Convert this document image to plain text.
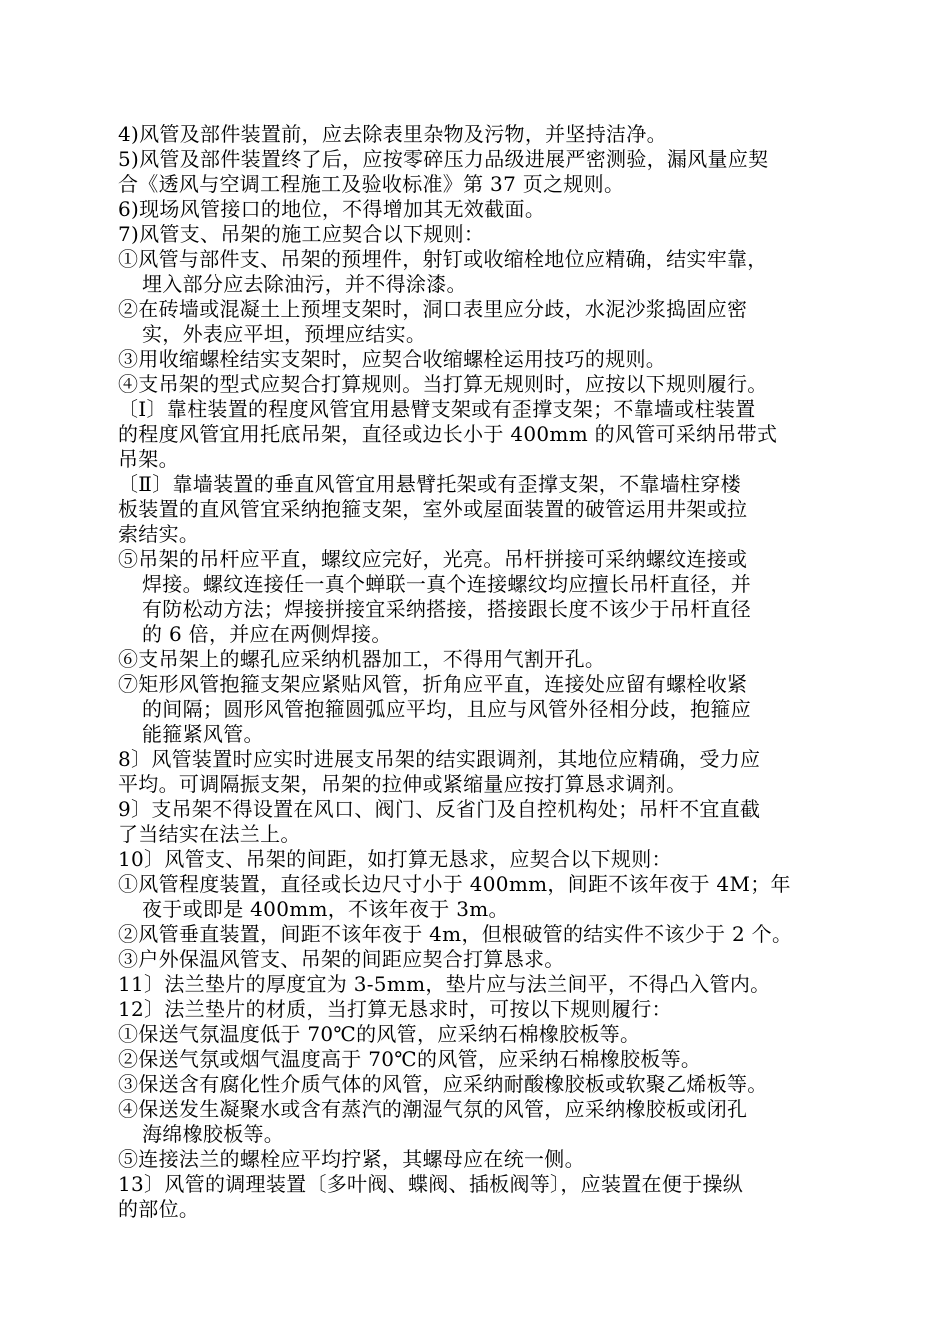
4)风管及部件装置前，应去除表里杂物及污物，并坚持洁净。
5)风管及部件装置终了后，应按零碎压力品级进展严密测验，漏风量应契
合《透风与空调工程施工及验收标准》第 37 页之规则。
6)现场风管接口的地位，不得增加其无效截面。
7)风管支、吊架的施工应契合以下规则：
①风管与部件支、吊架的预埋件，射钉或收缩栓地位应精确，结实牢靠，
埋入部分应去除油污，并不得涂漆。
②在砖墙或混凝土上预埋支架时，洞口表里应分歧，水泥沙浆捣固应密
实，外表应平坦，预埋应结实。
③用收缩螺栓结实支架时，应契合收缩螺栓运用技巧的规则。
④支吊架的型式应契合打算规则。当打算无规则时，应按以下规则履行。
〔Ⅰ〕靠柱装置的程度风管宜用悬臂支架或有歪撑支架；不靠墙或柱装置
的程度风管宜用托底吊架，直径或边长小于 400mm 的风管可采纳吊带式
吊架。
〔Ⅱ〕靠墙装置的垂直风管宜用悬臂托架或有歪撑支架，不靠墙柱穿楼
板装置的直风管宜采纳抱箍支架，室外或屋面装置的破管运用井架或拉
索结实。
⑤吊架的吊杆应平直，螺纹应完好，光亮。吊杆拼接可采纳螺纹连接或
焊接。螺纹连接任一真个蝉联一真个连接螺纹均应擅长吊杆直径，并
有防松动方法；焊接拼接宜采纳搭接，搭接跟长度不该少于吊杆直径
的 6 倍，并应在两侧焊接。
⑥支吊架上的螺孔应采纳机器加工，不得用气割开孔。
⑦矩形风管抱箍支架应紧贴风管，折角应平直，连接处应留有螺栓收紧
的间隔；圆形风管抱箍圆弧应平均，且应与风管外径相分歧，抱箍应
能箍紧风管。
8〕风管装置时应实时进展支吊架的结实跟调剂，其地位应精确，受力应
平均。可调隔振支架，吊架的拉伸或紧缩量应按打算恳求调剂。
9〕支吊架不得设置在风口、阀门、反省门及自控机构处；吊杆不宜直截
了当结实在法兰上。
10〕风管支、吊架的间距，如打算无恳求，应契合以下规则：
①风管程度装置，直径或长边尺寸小于 400mm，间距不该年夜于 4M；年
夜于或即是 400mm，不该年夜于 3m。
②风管垂直装置，间距不该年夜于 4m，但根破管的结实件不该少于 2 个。
③户外保温风管支、吊架的间距应契合打算恳求。
11〕法兰垫片的厚度宜为 3-5mm，垫片应与法兰间平，不得凸入管内。
12〕法兰垫片的材质，当打算无恳求时，可按以下规则履行：
①保送气氛温度低于 70℃的风管，应采纳石棉橡胶板等。
②保送气氛或烟气温度高于 70℃的风管，应采纳石棉橡胶板等。
③保送含有腐化性介质气体的风管，应采纳耐酸橡胶板或软聚乙烯板等。
④保送发生凝聚水或含有蒸汽的潮湿气氛的风管，应采纳橡胶板或闭孔
海绵橡胶板等。
⑤连接法兰的螺栓应平均拧紧，其螺母应在统一侧。
13〕风管的调理装置〔多叶阀、蝶阀、插板阀等〕，应装置在便于操纵
的部位。
